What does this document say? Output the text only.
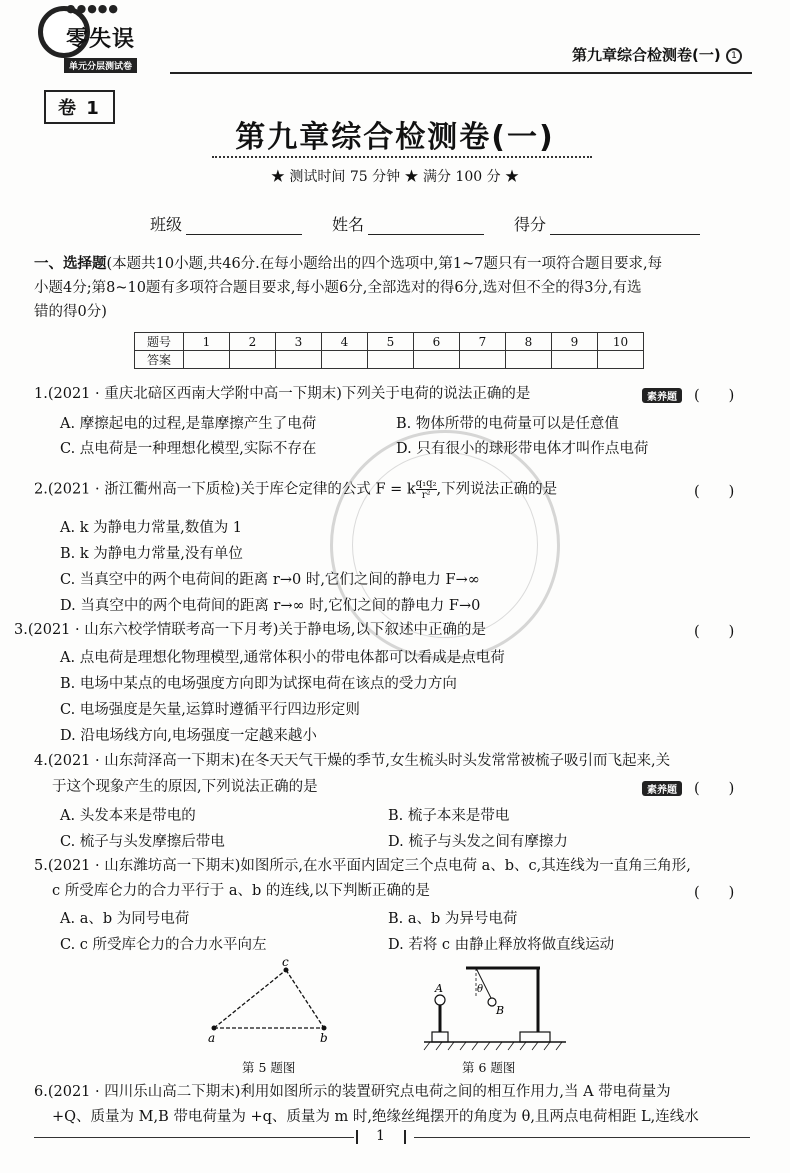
●●●●●
零失误
单元分层测试卷
第九章综合检测卷(一)	1
卷 1
第九章综合检测卷(一)
★ 测试时间 75 分钟 ★ 满分 100 分 ★
班级	姓名	得分
一、选择题(本题共10小题,共46分.在每小题给出的四个选项中,第1~7题只有一项符合题目要求,每
小题4分;第8~10题有多项符合题目要求,每小题6分,全部选对的得6分,选对但不全的得3分,有选
错的得0分)
题号	1	2	3	4	5	6	7	8	9	10
答案										
1.(2021 · 重庆北碚区西南大学附中高一下期末)下列关于电荷的说法正确的是	素养题	(　　)
A. 摩擦起电的过程,是靠摩擦产生了电荷	B. 物体所带的电荷量可以是任意值
C. 点电荷是一种理想化模型,实际不存在	D. 只有很小的球形带电体才叫作点电荷
2.(2021 · 浙江衢州高一下质检)关于库仑定律的公式 F = k $\frac{\text{q₁q₂}}{\text{r²}}$ ,下列说法正确的是	(　　)
A. k 为静电力常量,数值为 1
B. k 为静电力常量,没有单位
C. 当真空中的两个电荷间的距离 r→0 时,它们之间的静电力 F→∞
D. 当真空中的两个电荷间的距离 r→∞ 时,它们之间的静电力 F→0
3.(2021 · 山东六校学情联考高一下月考)关于静电场,以下叙述中正确的是	(　　)
A. 点电荷是理想化物理模型,通常体积小的带电体都可以看成是点电荷
B. 电场中某点的电场强度方向即为试探电荷在该点的受力方向
C. 电场强度是矢量,运算时遵循平行四边形定则
D. 沿电场线方向,电场强度一定越来越小
4.(2021 · 山东菏泽高一下期末)在冬天天气干燥的季节,女生梳头时头发常常被梳子吸引而飞起来,关
于这个现象产生的原因,下列说法正确的是	素养题	(　　)
A. 头发本来是带电的	B. 梳子本来是带电
C. 梳子与头发摩擦后带电	D. 梳子与头发之间有摩擦力
5.(2021 · 山东潍坊高一下期末)如图所示,在水平面内固定三个点电荷 a、b、c,其连线为一直角三角形,
c 所受库仑力的合力平行于 a、b 的连线,以下判断正确的是	(　　)
A. a、b 为同号电荷	B. a、b 为异号电荷
C. c 所受库仑力的合力水平向左	D. 若将 c 由静止释放将做直线运动
a	b
c
第 5 题图
A
B
θ
第 6 题图
6.(2021 · 四川乐山高二下期末)利用如图所示的装置研究点电荷之间的相互作用力,当 A 带电荷量为
+Q、质量为 M,B 带电荷量为 +q、质量为 m 时,绝缘丝绳摆开的角度为 θ,且两点电荷相距 L,连线水
1
